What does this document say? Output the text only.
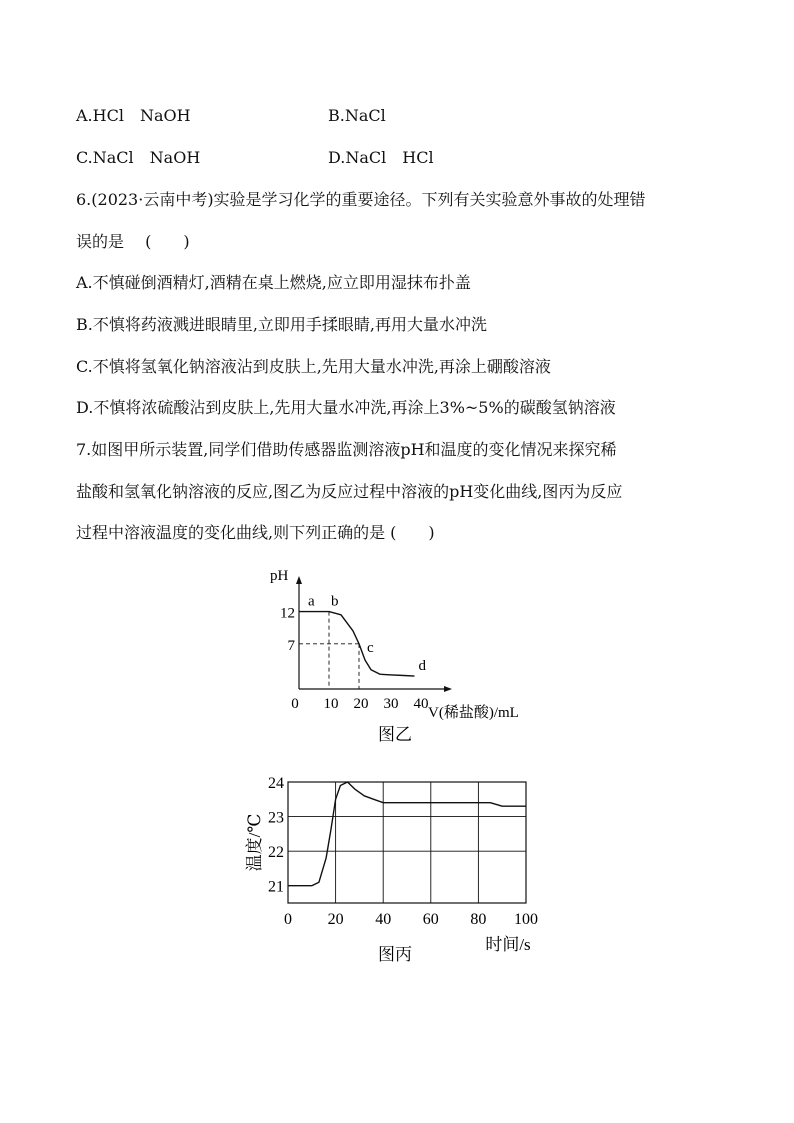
A.HCl　NaOH	B.NaCl
C.NaCl　NaOH	D.NaCl　HCl
6.(2023·云南中考)实验是学习化学的重要途径。下列有关实验意外事故的处理错
误的是　 (　　)
A.不慎碰倒酒精灯,酒精在桌上燃烧,应立即用湿抹布扑盖
B.不慎将药液溅进眼睛里,立即用手揉眼睛,再用大量水冲洗
C.不慎将氢氧化钠溶液沾到皮肤上,先用大量水冲洗,再涂上硼酸溶液
D.不慎将浓硫酸沾到皮肤上,先用大量水冲洗,再涂上3%~5%的碳酸氢钠溶液
7.如图甲所示装置,同学们借助传感器监测溶液pH和温度的变化情况来探究稀
盐酸和氢氧化钠溶液的反应,图乙为反应过程中溶液的pH变化曲线,图丙为反应
过程中溶液温度的变化曲线,则下列正确的是 (　　)
pH
0 10 20 30 40
V(稀盐酸)/mL
7
12
a b
c
d
图乙
0 20 40 60 80 100
21
22
23
24
温度/℃
时间/s
图丙
